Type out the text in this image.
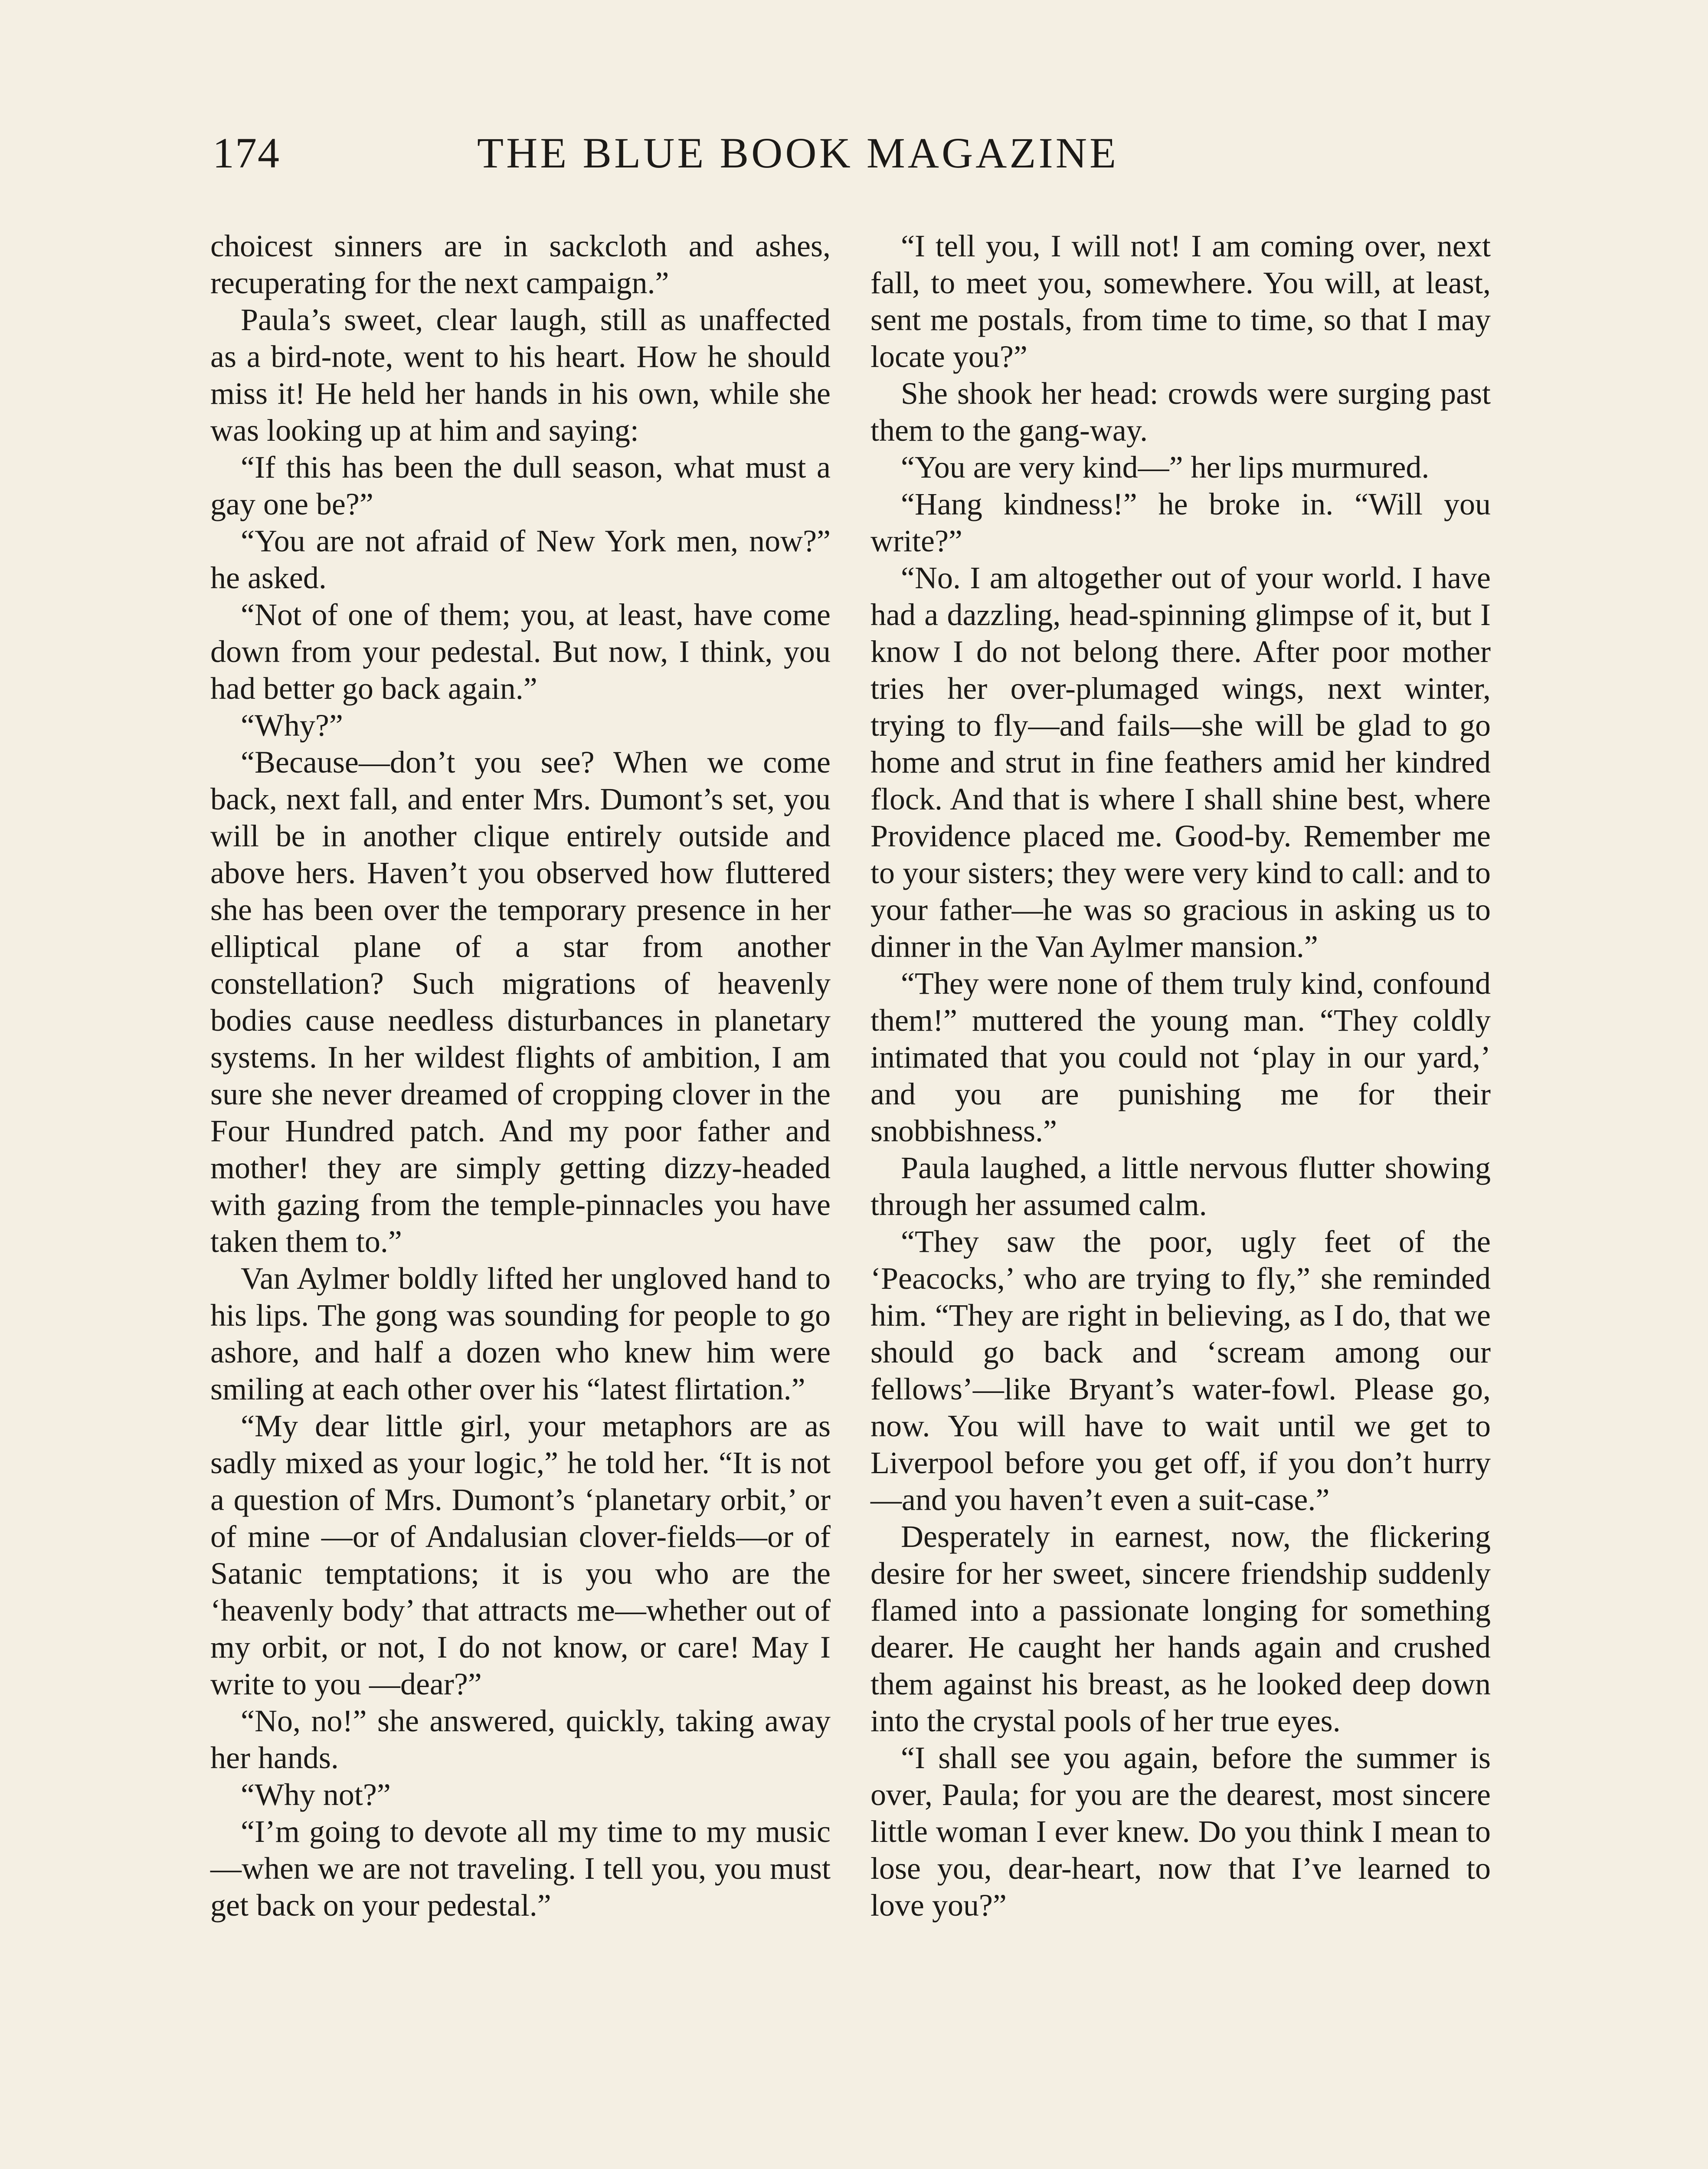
174	THE BLUE BOOK MAGAZINE

choicest sinners are in sackcloth and ashes, recuperating for the next campaign.”

Paula’s sweet, clear laugh, still as unaffected as a bird-note, went to his heart. How he should miss it! He held her hands in his own, while she was looking up at him and saying:

“If this has been the dull season, what must a gay one be?”

“You are not afraid of New York men, now?” he asked.

“Not of one of them; you, at least, have come down from your pedestal. But now, I think, you had better go back again.”

“Why?”

“Because—don’t you see? When we come back, next fall, and enter Mrs. Dumont’s set, you will be in another clique entirely outside and above hers. Haven’t you observed how fluttered she has been over the temporary presence in her elliptical plane of a star from another constellation? Such migrations of heavenly bodies cause needless disturbances in planetary systems. In her wildest flights of ambition, I am sure she never dreamed of cropping clover in the Four Hundred patch. And my poor father and mother! they are simply getting dizzy-headed with gazing from the temple-pinnacles you have taken them to.”

Van Aylmer boldly lifted her ungloved hand to his lips. The gong was sounding for people to go ashore, and half a dozen who knew him were smiling at each other over his “latest flirtation.”

“My dear little girl, your metaphors are as sadly mixed as your logic,” he told her. “It is not a question of Mrs. Dumont’s ‘planetary orbit,’ or of mine —or of Andalusian clover-fields—or of Satanic temptations; it is you who are the ‘heavenly body’ that attracts me—whether out of my orbit, or not, I do not know, or care! May I write to you —dear?”

“No, no!” she answered, quickly, taking away her hands.

“Why not?”

“I’m going to devote all my time to my music—when we are not traveling. I tell you, you must get back on your pedestal.”

“I tell you, I will not! I am coming over, next fall, to meet you, somewhere. You will, at least, sent me postals, from time to time, so that I may locate you?”

She shook her head: crowds were surging past them to the gang-way.

“You are very kind—” her lips murmured.

“Hang kindness!” he broke in. “Will you write?”

“No. I am altogether out of your world. I have had a dazzling, head-spinning glimpse of it, but I know I do not belong there. After poor mother tries her over-plumaged wings, next winter, trying to fly—and fails—she will be glad to go home and strut in fine feathers amid her kindred flock. And that is where I shall shine best, where Providence placed me. Good-by. Remember me to your sisters; they were very kind to call: and to your father—he was so gracious in asking us to dinner in the Van Aylmer mansion.”

“They were none of them truly kind, confound them!” muttered the young man. “They coldly intimated that you could not ‘play in our yard,’ and you are punishing me for their snobbishness.”

Paula laughed, a little nervous flutter showing through her assumed calm.

“They saw the poor, ugly feet of the ‘Peacocks,’ who are trying to fly,” she reminded him. “They are right in believing, as I do, that we should go back and ‘scream among our fellows’—like Bryant’s water-fowl. Please go, now. You will have to wait until we get to Liverpool before you get off, if you don’t hurry—and you haven’t even a suit-case.”

Desperately in earnest, now, the flickering desire for her sweet, sincere friendship suddenly flamed into a passionate longing for something dearer. He caught her hands again and crushed them against his breast, as he looked deep down into the crystal pools of her true eyes.

“I shall see you again, before the summer is over, Paula; for you are the dearest, most sincere little woman I ever knew. Do you think I mean to lose you, dear-heart, now that I’ve learned to love you?”
